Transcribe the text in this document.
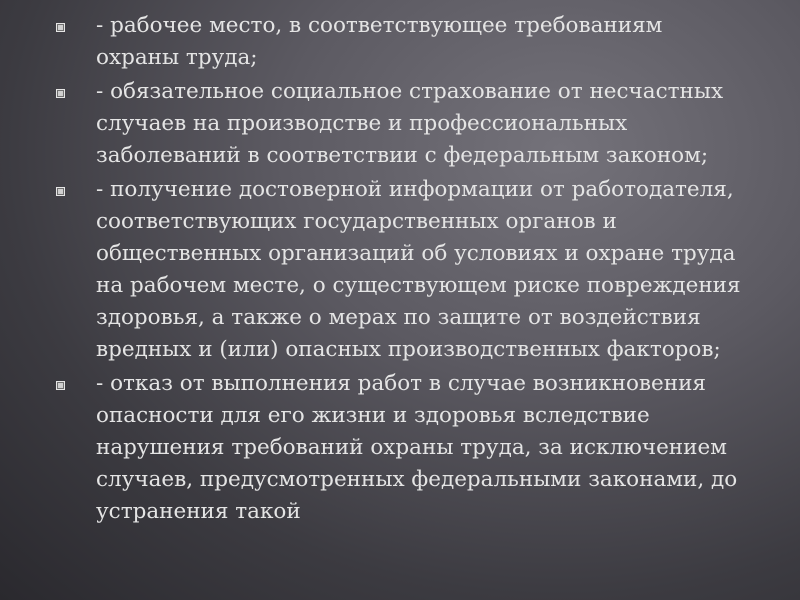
- рабочее место, в соответствующее требованиям охраны труда;
- обязательное социальное страхование от несчастных случаев на производстве и профессиональных заболеваний в соответствии с федеральным законом;
- получение достоверной информации от работодателя, соответствующих государственных органов и общественных организаций об условиях и охране труда на рабочем месте, о существующем риске повреждения здоровья, а также о мерах по защите от воздействия вредных и (или) опасных производственных факторов;
- отказ от выполнения работ в случае возникновения опасности для его жизни и здоровья вследствие нарушения требований охраны труда, за исключением случаев, предусмотренных федеральными законами, до устранения такой
